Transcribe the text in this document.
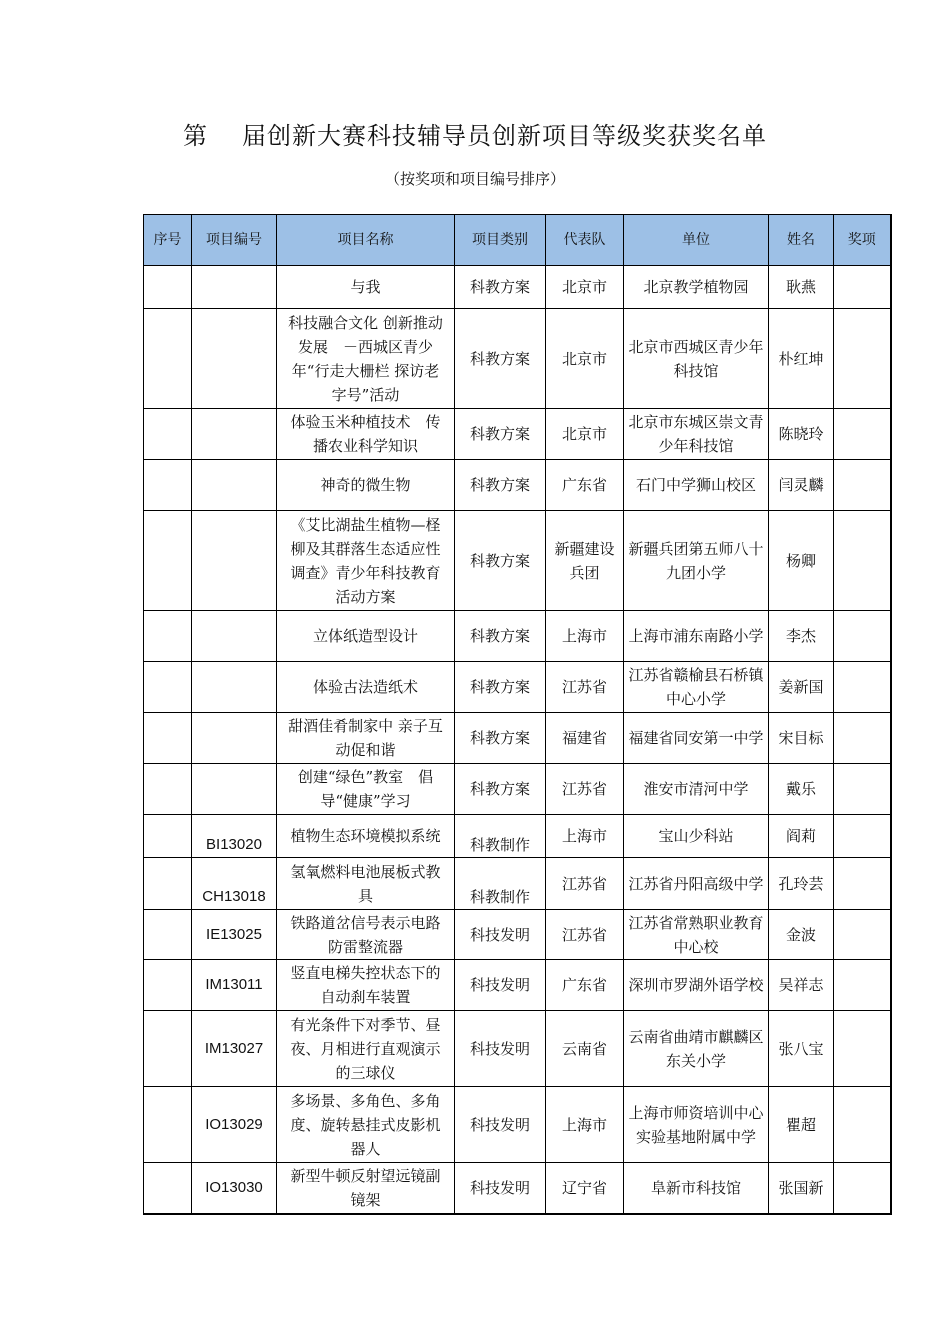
第 届创新大赛科技辅导员创新项目等级奖获奖名单
（按奖项和项目编号排序）
序号	项目编号	项目名称	项目类别	代表队	单位	姓名	奖项
		与我	科教方案	北京市	北京教学植物园	耿燕	
		科技融合文化 创新推动发展　－西城区青少年“行走大栅栏 探访老字号”活动	科教方案	北京市	北京市西城区青少年科技馆	朴红坤	
		体验玉米种植技术　传播农业科学知识	科教方案	北京市	北京市东城区崇文青少年科技馆	陈晓玲	
		神奇的微生物	科教方案	广东省	石门中学狮山校区	闫灵麟	
		《艾比湖盐生植物—柽柳及其群落生态适应性调查》青少年科技教育活动方案	科教方案	新疆建设兵团	新疆兵团第五师八十九团小学	杨卿	
		立体纸造型设计	科教方案	上海市	上海市浦东南路小学	李杰	
		体验古法造纸术	科教方案	江苏省	江苏省赣榆县石桥镇中心小学	姜新国	
		甜酒佳肴制家中 亲子互动促和谐	科教方案	福建省	福建省同安第一中学	宋目标	
		创建“绿色”教室　倡导“健康”学习	科教方案	江苏省	淮安市清河中学	戴乐	
	BI13020	植物生态环境模拟系统	科教制作	上海市	宝山少科站	阎莉	
	CH13018	氢氧燃料电池展板式教具	科教制作	江苏省	江苏省丹阳高级中学	孔玲芸	
	IE13025	铁路道岔信号表示电路防雷整流器	科技发明	江苏省	江苏省常熟职业教育中心校	金波	
	IM13011	竖直电梯失控状态下的自动刹车装置	科技发明	广东省	深圳市罗湖外语学校	吴祥志	
	IM13027	有光条件下对季节、昼夜、月相进行直观演示的三球仪	科技发明	云南省	云南省曲靖市麒麟区东关小学	张八宝	
	IO13029	多场景、多角色、多角度、旋转悬挂式皮影机器人	科技发明	上海市	上海市师资培训中心实验基地附属中学	瞿超	
	IO13030	新型牛顿反射望远镜副镜架	科技发明	辽宁省	阜新市科技馆	张国新	
